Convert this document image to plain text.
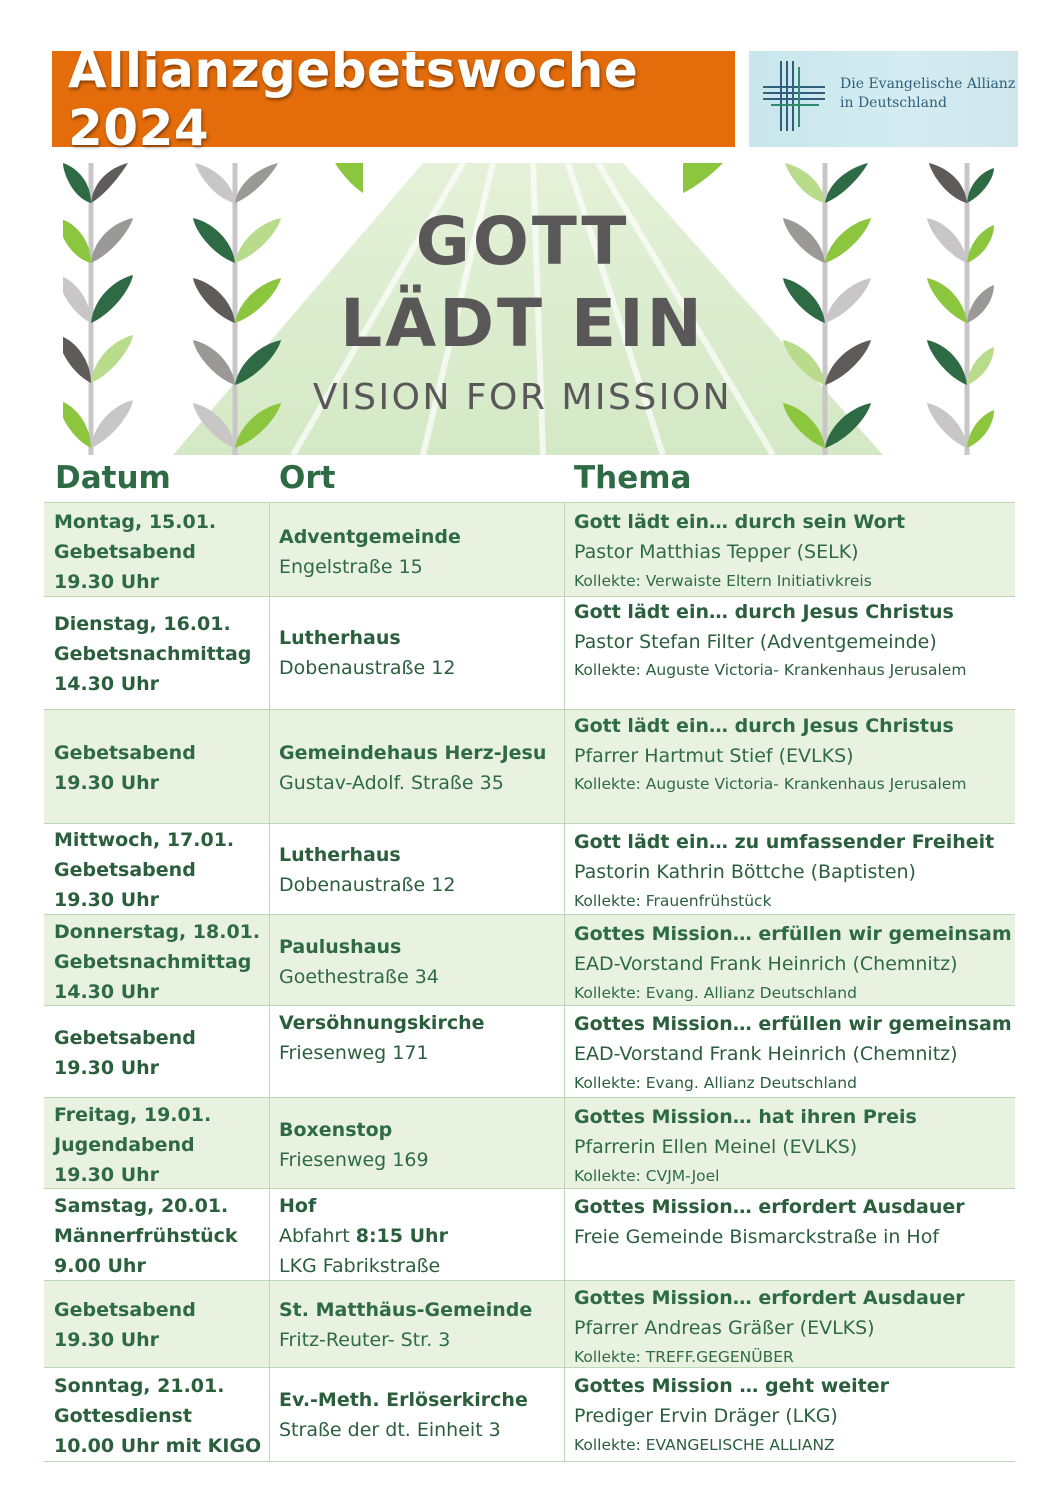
Allianzgebetswoche 2024
Die Evangelische Allianz
in Deutschland
GOTT
LÄDT EIN
VISION FOR MISSION
Datum	Ort	Thema
Montag, 15.01.
Gebetsabend
19.30 Uhr
Adventgemeinde
Engelstraße 15
Gott lädt ein… durch sein Wort
Pastor Matthias Tepper (SELK)
Kollekte: Verwaiste Eltern Initiativkreis
Dienstag, 16.01.
Gebetsnachmittag
14.30 Uhr
Lutherhaus
Dobenaustraße 12
Gott lädt ein… durch Jesus Christus
Pastor Stefan Filter (Adventgemeinde)
Kollekte: Auguste Victoria- Krankenhaus Jerusalem
Gebetsabend
19.30 Uhr
Gemeindehaus Herz-Jesu
Gustav-Adolf. Straße 35
Gott lädt ein… durch Jesus Christus
Pfarrer Hartmut Stief (EVLKS)
Kollekte: Auguste Victoria- Krankenhaus Jerusalem
Mittwoch, 17.01.
Gebetsabend
19.30 Uhr
Lutherhaus
Dobenaustraße 12
Gott lädt ein… zu umfassender Freiheit
Pastorin Kathrin Böttche (Baptisten)
Kollekte: Frauenfrühstück
Donnerstag, 18.01.
Gebetsnachmittag
14.30 Uhr
Paulushaus
Goethestraße 34
Gottes Mission… erfüllen wir gemeinsam
EAD-Vorstand Frank Heinrich (Chemnitz)
Kollekte: Evang. Allianz Deutschland
Gebetsabend
19.30 Uhr
Versöhnungskirche
Friesenweg 171
Gottes Mission… erfüllen wir gemeinsam
EAD-Vorstand Frank Heinrich (Chemnitz)
Kollekte: Evang. Allianz Deutschland
Freitag, 19.01.
Jugendabend
19.30 Uhr
Boxenstop
Friesenweg 169
Gottes Mission… hat ihren Preis
Pfarrerin Ellen Meinel (EVLKS)
Kollekte: CVJM-Joel
Samstag, 20.01.
Männerfrühstück
9.00 Uhr
Hof
Abfahrt 8:15 Uhr
LKG Fabrikstraße
Gottes Mission… erfordert Ausdauer
Freie Gemeinde Bismarckstraße in Hof
Gebetsabend
19.30 Uhr
St. Matthäus-Gemeinde
Fritz-Reuter- Str. 3
Gottes Mission… erfordert Ausdauer
Pfarrer Andreas Gräßer (EVLKS)
Kollekte: TREFF.GEGENÜBER
Sonntag, 21.01.
Gottesdienst
10.00 Uhr mit KIGO
Ev.-Meth. Erlöserkirche
Straße der dt. Einheit 3
Gottes Mission … geht weiter
Prediger Ervin Dräger (LKG)
Kollekte: EVANGELISCHE ALLIANZ
